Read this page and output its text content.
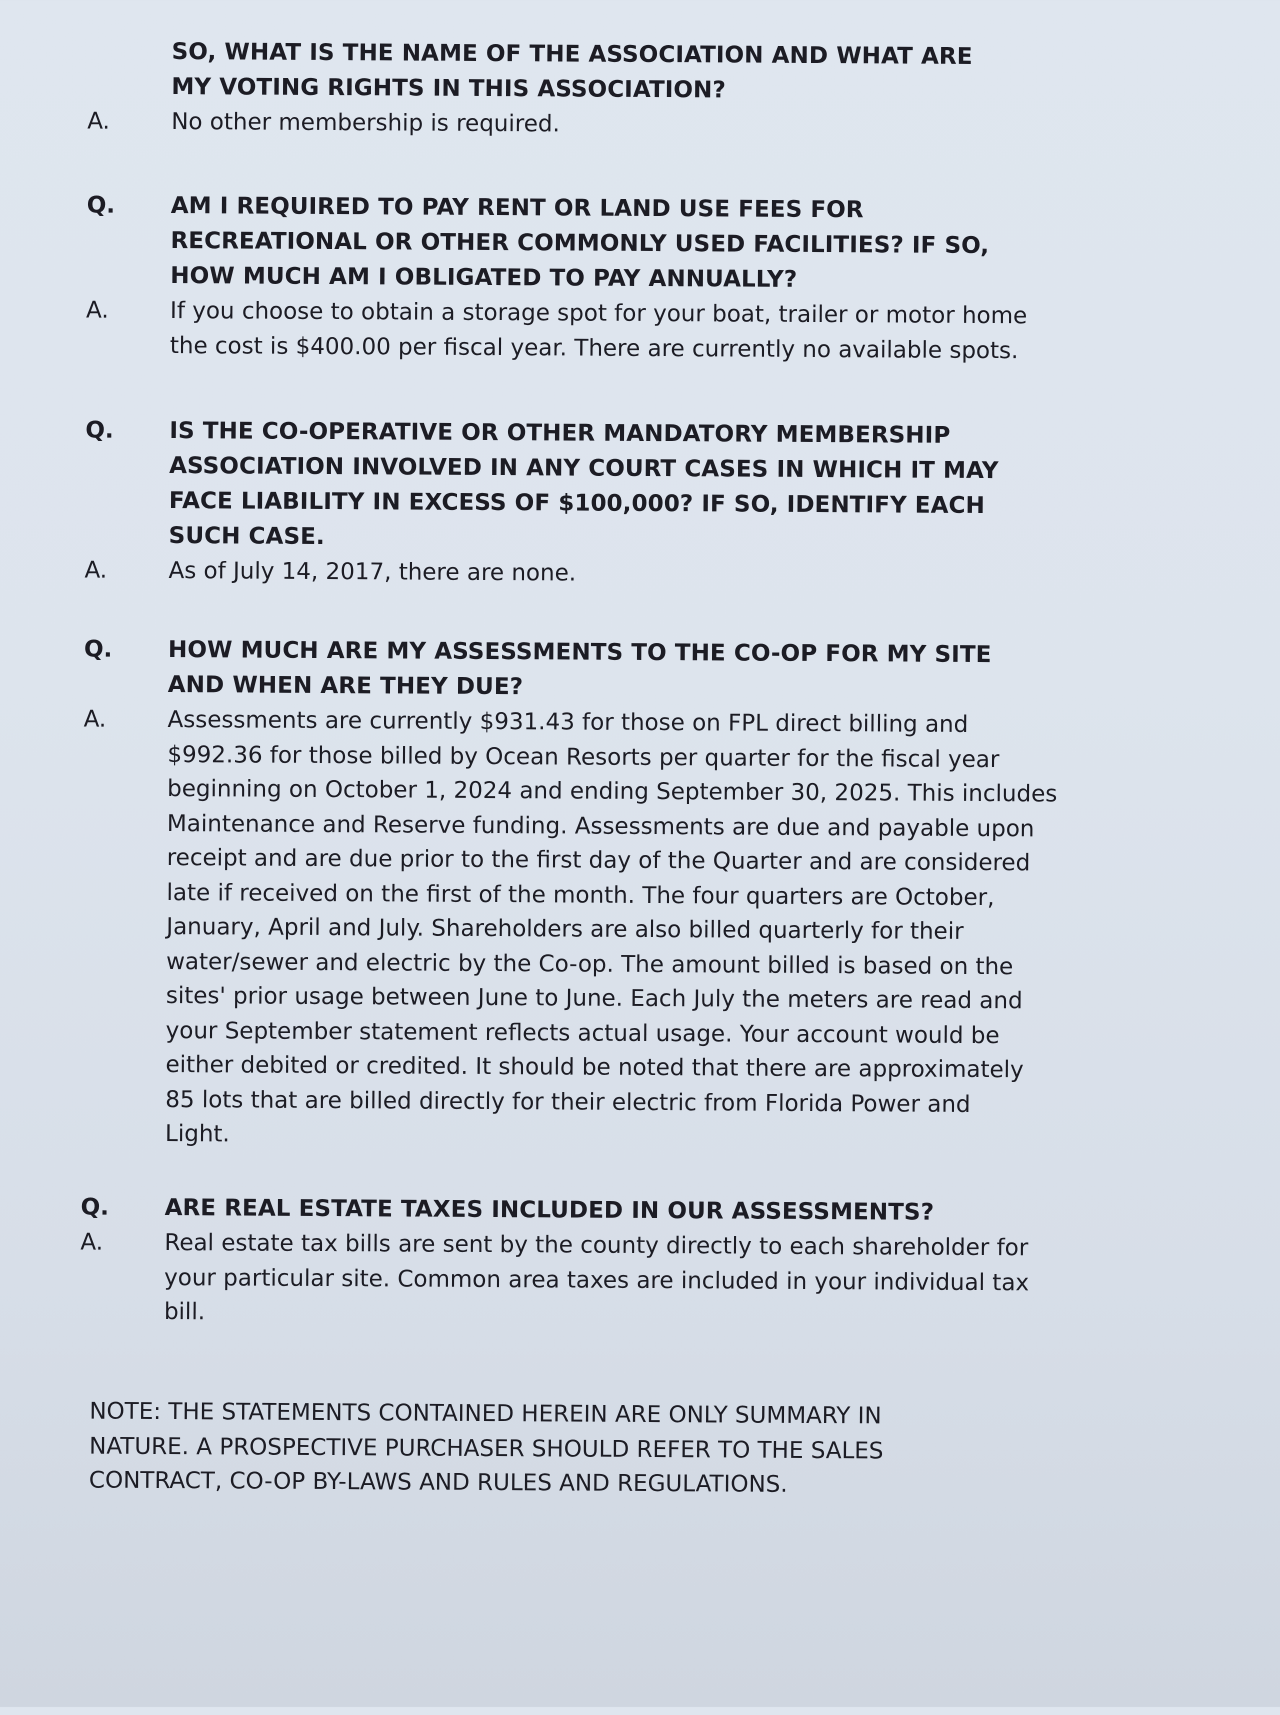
SO, WHAT IS THE NAME OF THE ASSOCIATION AND WHAT ARE
MY VOTING RIGHTS IN THIS ASSOCIATION?
A.	No other membership is required.
Q.	AM I REQUIRED TO PAY RENT OR LAND USE FEES FOR
RECREATIONAL OR OTHER COMMONLY USED FACILITIES? IF SO,
HOW MUCH AM I OBLIGATED TO PAY ANNUALLY?
A.	If you choose to obtain a storage spot for your boat, trailer or motor home
the cost is $400.00 per fiscal year. There are currently no available spots.
Q.	IS THE CO-OPERATIVE OR OTHER MANDATORY MEMBERSHIP
ASSOCIATION INVOLVED IN ANY COURT CASES IN WHICH IT MAY
FACE LIABILITY IN EXCESS OF $100,000? IF SO, IDENTIFY EACH
SUCH CASE.
A.	As of July 14, 2017, there are none.
Q.	HOW MUCH ARE MY ASSESSMENTS TO THE CO-OP FOR MY SITE
AND WHEN ARE THEY DUE?
A.	Assessments are currently $931.43 for those on FPL direct billing and
$992.36 for those billed by Ocean Resorts per quarter for the fiscal year
beginning on October 1, 2024 and ending September 30, 2025. This includes
Maintenance and Reserve funding. Assessments are due and payable upon
receipt and are due prior to the first day of the Quarter and are considered
late if received on the first of the month. The four quarters are October,
January, April and July. Shareholders are also billed quarterly for their
water/sewer and electric by the Co-op. The amount billed is based on the
sites' prior usage between June to June. Each July the meters are read and
your September statement reflects actual usage. Your account would be
either debited or credited. It should be noted that there are approximately
85 lots that are billed directly for their electric from Florida Power and
Light.
Q.	ARE REAL ESTATE TAXES INCLUDED IN OUR ASSESSMENTS?
A.	Real estate tax bills are sent by the county directly to each shareholder for
your particular site. Common area taxes are included in your individual tax
bill.
NOTE: THE STATEMENTS CONTAINED HEREIN ARE ONLY SUMMARY IN
NATURE. A PROSPECTIVE PURCHASER SHOULD REFER TO THE SALES
CONTRACT, CO-OP BY-LAWS AND RULES AND REGULATIONS.
